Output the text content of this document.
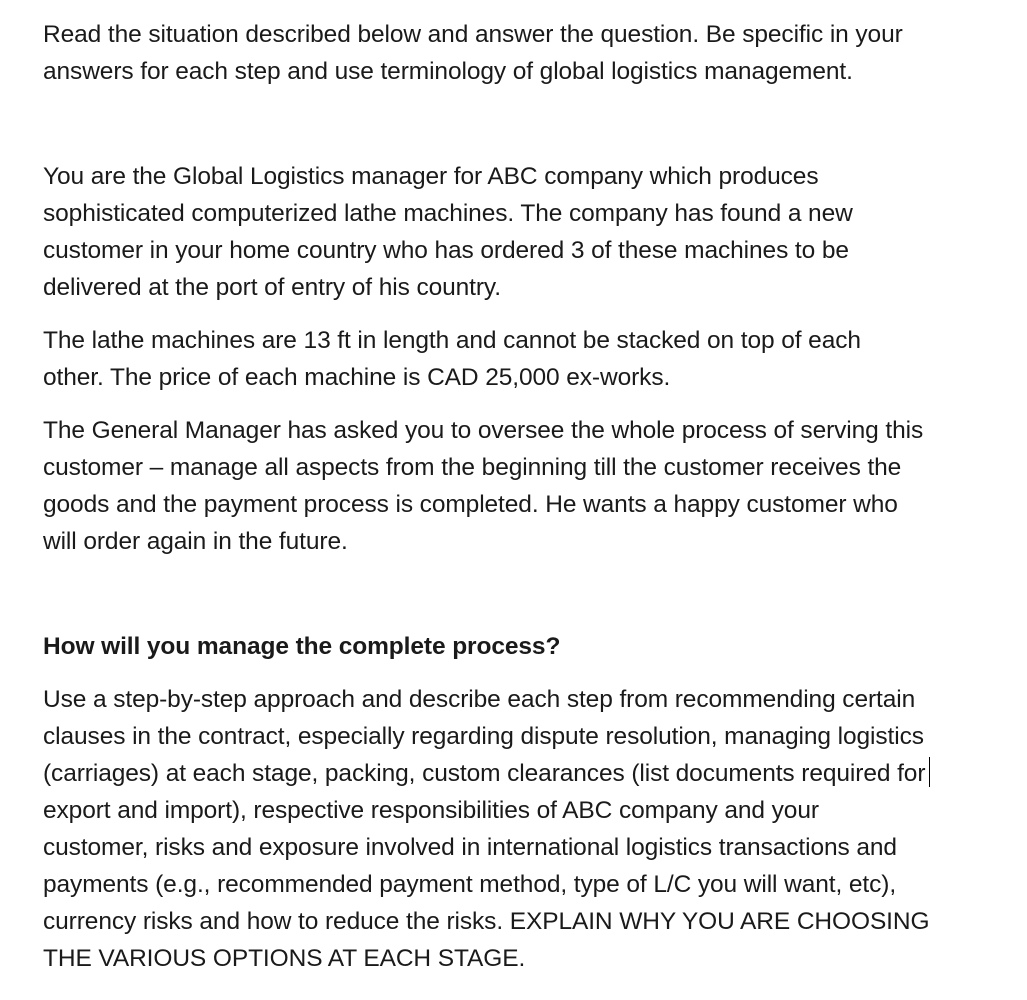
Read the situation described below and answer the question. Be specific in your
answers for each step and use terminology of global logistics management.

You are the Global Logistics manager for ABC company which produces
sophisticated computerized lathe machines. The company has found a new
customer in your home country who has ordered 3 of these machines to be
delivered at the port of entry of his country.

The lathe machines are 13 ft in length and cannot be stacked on top of each
other. The price of each machine is CAD 25,000 ex-works.

The General Manager has asked you to oversee the whole process of serving this
customer – manage all aspects from the beginning till the customer receives the
goods and the payment process is completed. He wants a happy customer who
will order again in the future.

How will you manage the complete process?

Use a step-by-step approach and describe each step from recommending certain
clauses in the contract, especially regarding dispute resolution, managing logistics
(carriages) at each stage, packing, custom clearances (list documents required for
export and import), respective responsibilities of ABC company and your
customer, risks and exposure involved in international logistics transactions and
payments (e.g., recommended payment method, type of L/C you will want, etc),
currency risks and how to reduce the risks. EXPLAIN WHY YOU ARE CHOOSING
THE VARIOUS OPTIONS AT EACH STAGE.
